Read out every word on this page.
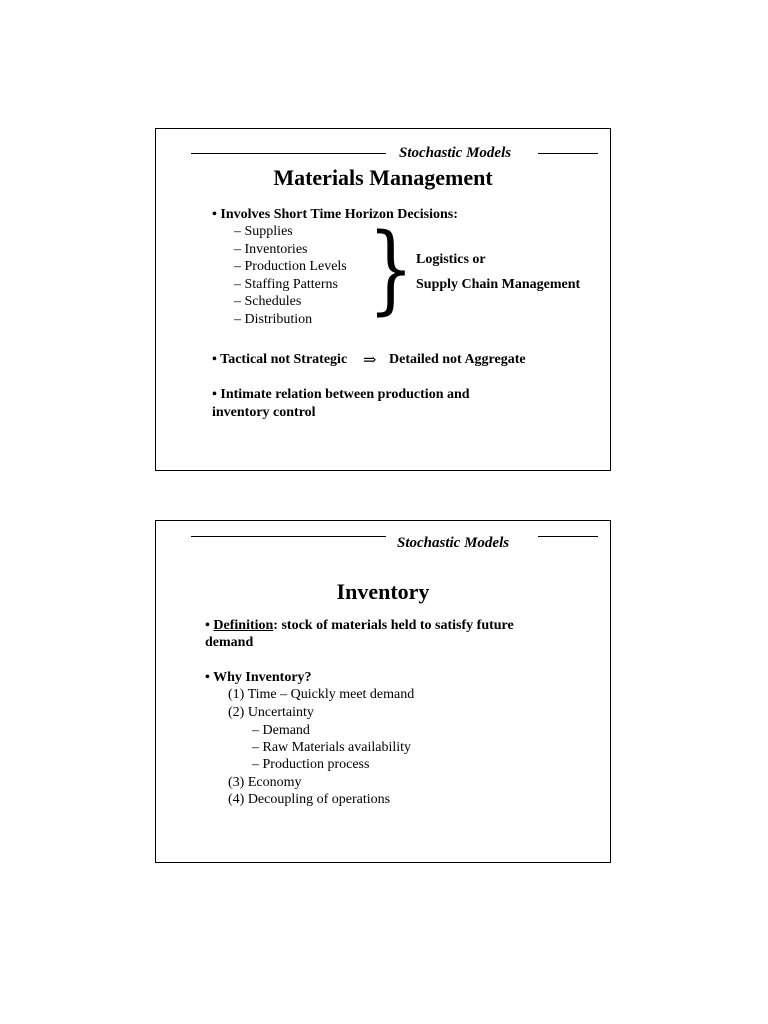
Stochastic Models
Materials Management
• Involves Short Time Horizon Decisions:
– Supplies
– Inventories
– Production Levels
– Staffing Patterns
– Schedules
– Distribution } Logistics or
Supply Chain Management
• Tactical not Strategic ⇒ Detailed not Aggregate
• Intimate relation between production and
inventory control
Stochastic Models
Inventory
• Definition: stock of materials held to satisfy future
demand
• Why Inventory?
(1) Time – Quickly meet demand
(2) Uncertainty
– Demand
– Raw Materials availability
– Production process
(3) Economy
(4) Decoupling of operations
